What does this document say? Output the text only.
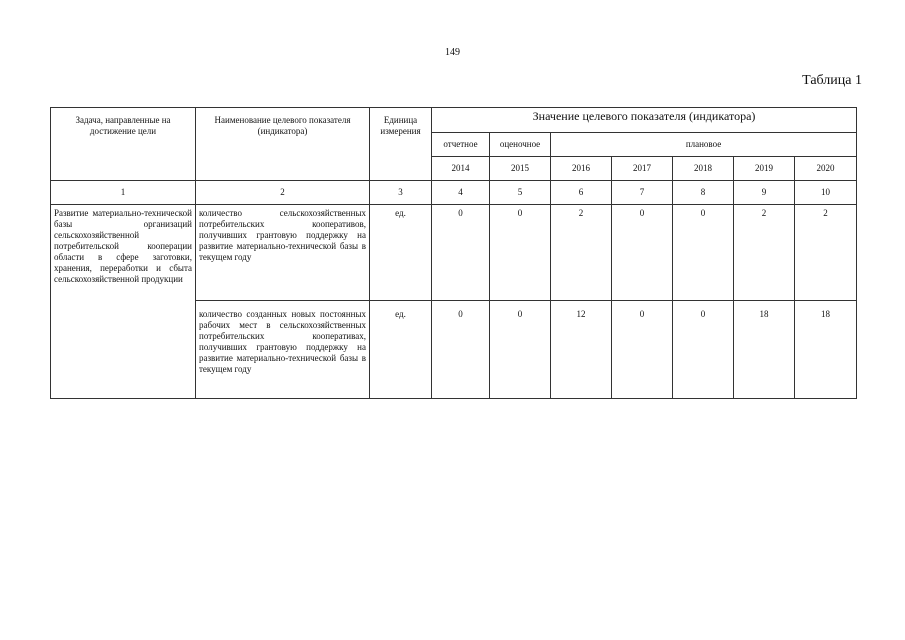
149
Таблица 1
Задача, направленные на достижение цели	Наименование целевого показателя (индикатора)	Единица измерения	Значение целевого показателя (индикатора)						
			отчетное	оценочное	плановое				
			2014	2015	2016	2017	2018	2019	2020
1	2	3	4	5	6	7	8	9	10
Развитие материально-технической базы организаций сельскохозяйственной потребительской кооперации области в сфере заготовки, хранения, переработки и сбыта сельскохозяйственной продукции	количество сельскохозяйственных потребительских кооперативов, получивших грантовую поддержку на развитие материально-технической базы в текущем году	ед.	0	0	2	0	0	2	2
	количество созданных новых постоянных рабочих мест в сельскохозяйственных потребительских кооперативах, получивших грантовую поддержку на развитие материально-технической базы в текущем году	ед.	0	0	12	0	0	18	18
